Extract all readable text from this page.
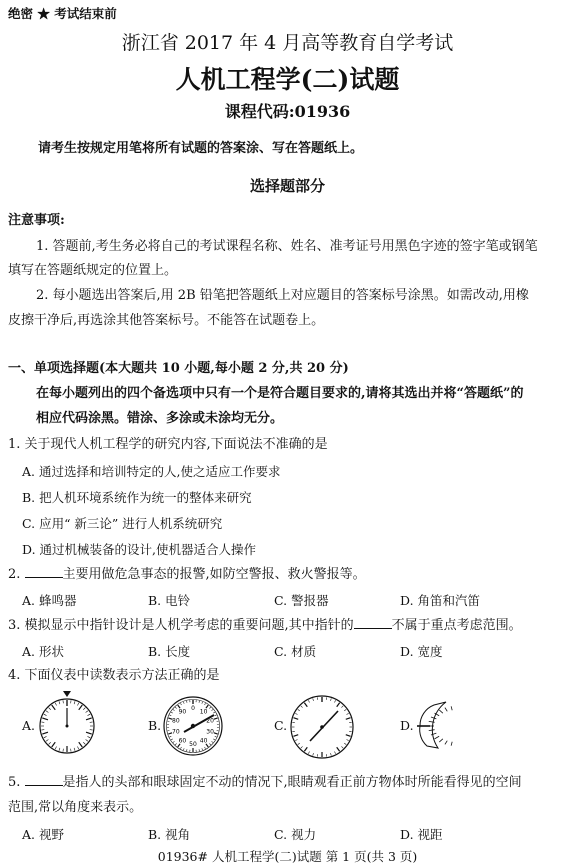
绝密 ★ 考试结束前
浙江省 2017 年 4 月高等教育自学考试
人机工程学(二)试题
课程代码:01936
请考生按规定用笔将所有试题的答案涂、写在答题纸上。
选择题部分
注意事项:
1. 答题前,考生务必将自己的考试课程名称、姓名、准考证号用黑色字迹的签字笔或钢笔
填写在答题纸规定的位置上。
2. 每小题选出答案后,用 2B 铅笔把答题纸上对应题目的答案标号涂黑。如需改动,用橡
皮擦干净后,再选涂其他答案标号。不能答在试题卷上。
一、单项选择题(本大题共 10 小题,每小题 2 分,共 20 分)
在每小题列出的四个备选项中只有一个是符合题目要求的,请将其选出并将“答题纸”的
相应代码涂黑。错涂、多涂或未涂均无分。
1. 关于现代人机工程学的研究内容,下面说法不准确的是
A. 通过选择和培训特定的人,使之适应工作要求
B. 把人机环境系统作为统一的整体来研究
C. 应用“ 新三论” 进行人机系统研究
D. 通过机械装备的设计,使机器适合人操作
2.	主要用做危急事态的报警,如防空警报、救火警报等。
A. 蜂鸣器	B. 电铃	C. 警报器	D. 角笛和汽笛
3. 模拟显示中指针设计是人机学考虑的重要问题,其中指针的	不属于重点考虑范围。
A. 形状	B. 长度	C. 材质	D. 宽度
4. 下面仪表中读数表示方法正确的是
A.	B.	C.	D.
0 10
20
30
40
50
60
70
80
90
5.	是指人的头部和眼球固定不动的情况下,眼睛观看正前方物体时所能看得见的空间
范围,常以角度来表示。
A. 视野	B. 视角	C. 视力	D. 视距
01936# 人机工程学(二)试题 第 1 页(共 3 页)
